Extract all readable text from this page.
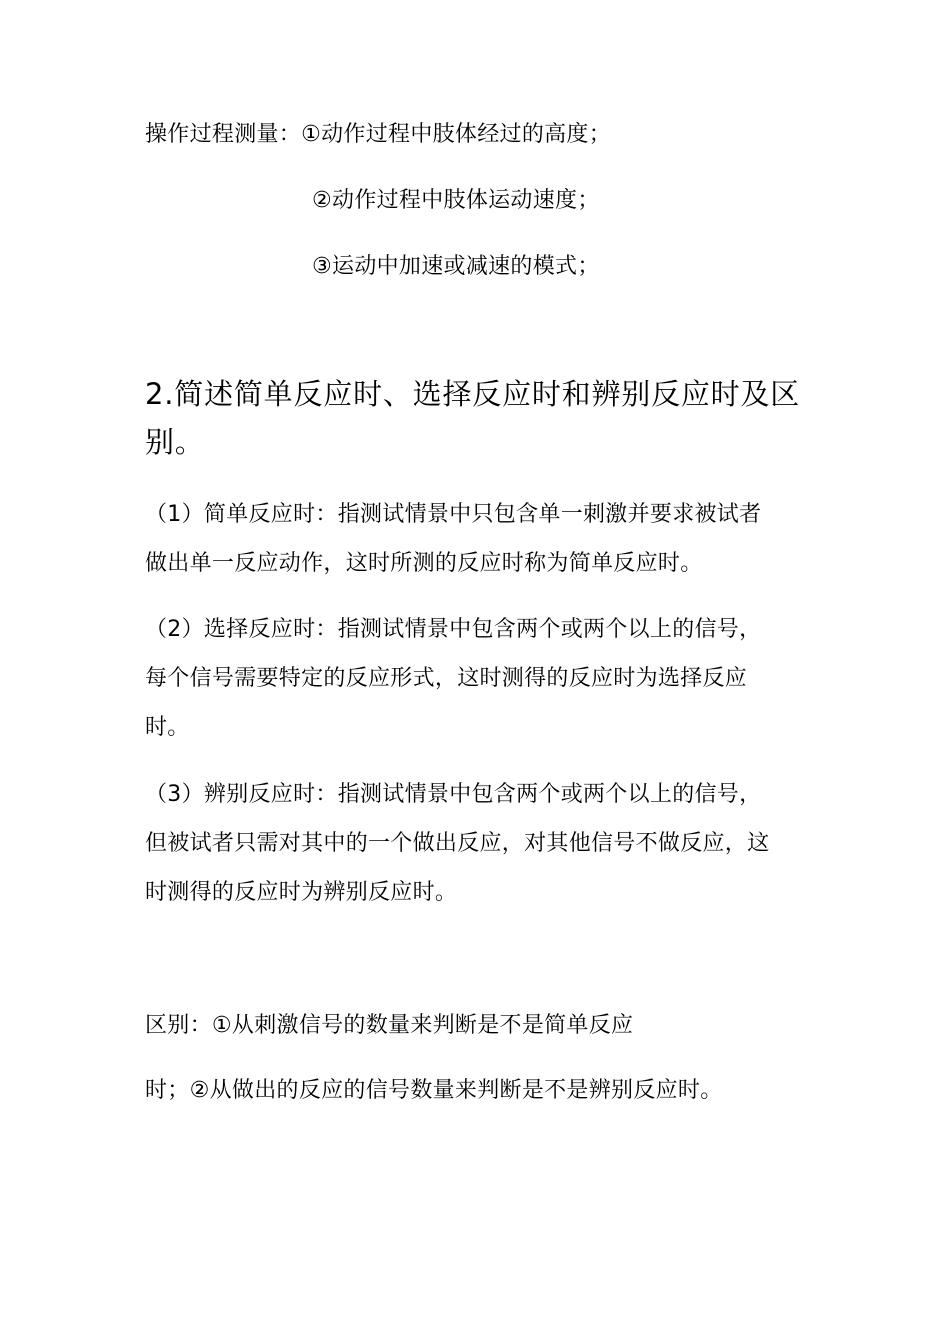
操作过程测量：①动作过程中肢体经过的高度；
②动作过程中肢体运动速度；
③运动中加速或减速的模式；
2.简述简单反应时、选择反应时和辨别反应时及区
别。
（1）简单反应时：指测试情景中只包含单一刺激并要求被试者
做出单一反应动作，这时所测的反应时称为简单反应时。
（2）选择反应时：指测试情景中包含两个或两个以上的信号，
每个信号需要特定的反应形式，这时测得的反应时为选择反应
时。
（3）辨别反应时：指测试情景中包含两个或两个以上的信号，
但被试者只需对其中的一个做出反应，对其他信号不做反应，这
时测得的反应时为辨别反应时。
区别：①从刺激信号的数量来判断是不是简单反应
时；②从做出的反应的信号数量来判断是不是辨别反应时。
